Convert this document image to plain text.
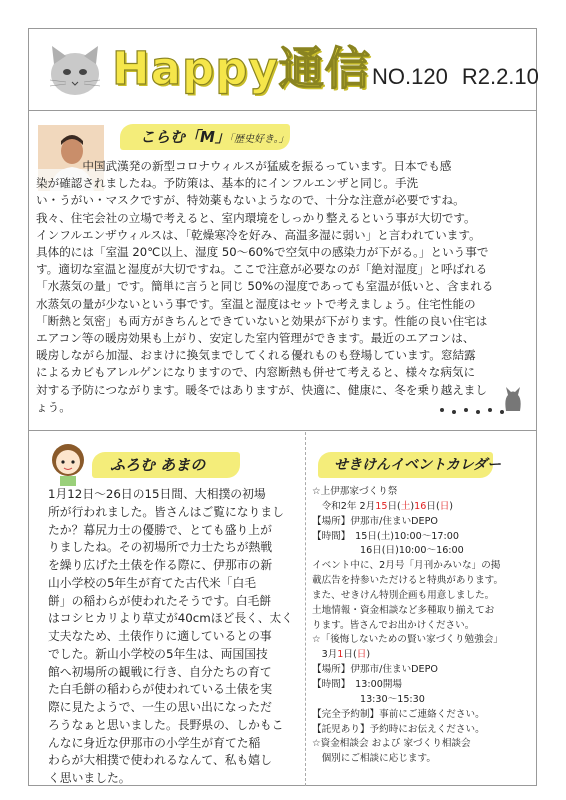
Happy通信 NO.120 R2.2.10
こらむ「M」
「歴史好き。」
　　　　中国武漢発の新型コロナウィルスが猛威を振るっています。日本でも感
染が確認されましたね。予防策は、基本的にインフルエンザと同じ。手洗
い・うがい・マスクですが、特効薬もないようなので、十分な注意が必要ですね。
我々、住宅会社の立場で考えると、室内環境をしっかり整えるという事が大切です。
インフルエンザウィルスは、「乾燥寒冷を好み、高温多湿に弱い」と言われています。
具体的には「室温 20℃以上、湿度 50〜60%で空気中の感染力が下がる。」という事で
す。適切な室温と湿度が大切ですね。ここで注意が必要なのが「絶対湿度」と呼ばれる
「水蒸気の量」です。簡単に言うと同じ 50%の湿度であっても室温が低いと、含まれる
水蒸気の量が少ないという事です。室温と湿度はセットで考えましょう。住宅性能の
「断熱と気密」も両方がきちんとできていないと効果が下がります。性能の良い住宅は
エアコン等の暖房効果も上がり、安定した室内管理ができます。最近のエアコンは、
暖房しながら加湿、おまけに換気までしてくれる優れものも登場しています。窓結露
によるカビもアレルゲンになりますので、内窓断熱も併せて考えると、様々な病気に
対する予防につながります。暖冬ではありますが、快適に、健康に、冬を乗り越えまし
ょう。
ふろむ あまの
1月12日〜26日の15日間、大相撲の初場
所が行われました。皆さんはご覧になりまし
たか？幕尻力士の優勝で、とても盛り上が
りましたね。その初場所で力士たちが熱戦
を繰り広げた土俵を作る際に、伊那市の新
山小学校の5年生が育てた古代米「白毛
餅」の稲わらが使われたそうです。白毛餅
はコシヒカリより草丈が40cmほど長く、太く
丈夫なため、土俵作りに適しているとの事
でした。新山小学校の5年生は、両国国技
館へ初場所の観戦に行き、自分たちの育て
た白毛餅の稲わらが使われている土俵を実
際に見たようで、一生の思い出になっただ
ろうなぁと思いました。長野県の、しかもこ
んなに身近な伊那市の小学生が育てた稲
わらが大相撲で使われるなんて、私も嬉し
く思いました。
せきけんイベントカレダー
☆上伊那家づくり祭
　令和2年 2月15日(土)16日(日)
【場所】伊那市/住まいDEPO
【時間】　15日(土)10:00〜17:00
　　　　　16日(日)10:00〜16:00
イベント中に、2月号「月刊かみいな」の掲
載広告を持参いただけると特典があります。
また、せきけん特別企画も用意しました。
土地情報・資金相談など多種取り揃えてお
ります。皆さんでお出かけください。
☆「後悔しないための賢い家づくり勉強会」
　3月1日(日)
【場所】伊那市/住まいDEPO
【時間】　13:00開場
　　　　　13:30〜15:30
【完全予約制】事前にご連絡ください。
【託児あり】予約時にお伝えください。
☆資金相談会 および 家づくり相談会
　個別にご相談に応じます。
